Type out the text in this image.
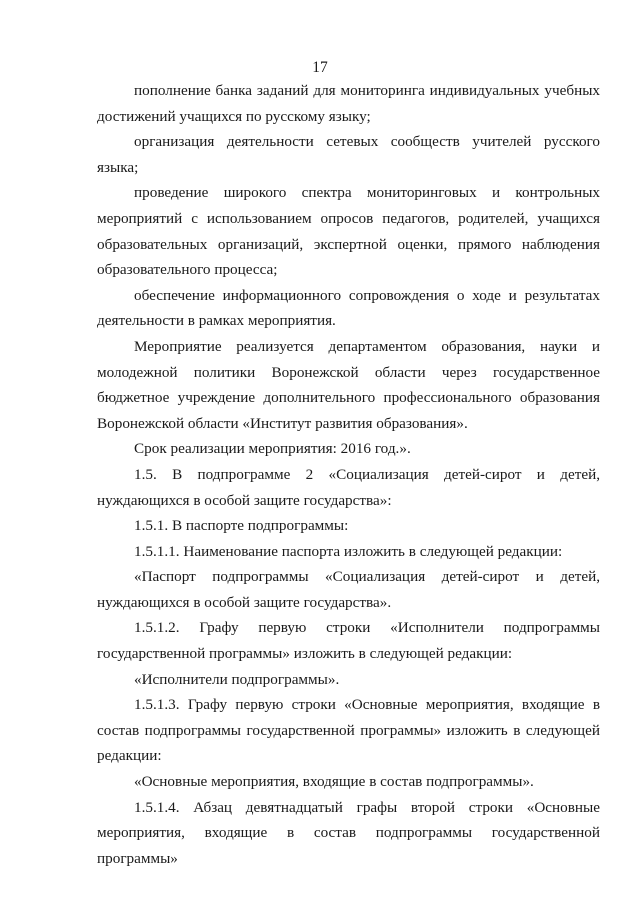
17

пополнение банка заданий для мониторинга индивидуальных учебных достижений учащихся по русскому языку;

организация деятельности сетевых сообществ учителей русского языка;

проведение широкого спектра мониторинговых и контрольных мероприятий с использованием опросов педагогов, родителей, учащихся образовательных организаций, экспертной оценки, прямого наблюдения образовательного процесса;

обеспечение информационного сопровождения о ходе и результатах деятельности в рамках мероприятия.

Мероприятие реализуется департаментом образования, науки и молодежной политики Воронежской области через государственное бюджетное учреждение дополнительного профессионального образования Воронежской области «Институт развития образования».

Срок реализации мероприятия: 2016 год.».

1.5. В подпрограмме 2 «Социализация детей-сирот и детей, нуждающихся в особой защите государства»:

1.5.1. В паспорте подпрограммы:

1.5.1.1. Наименование паспорта изложить в следующей редакции:

«Паспорт подпрограммы «Социализация детей-сирот и детей, нуждающихся в особой защите государства».

1.5.1.2. Графу первую строки «Исполнители подпрограммы государственной программы» изложить в следующей редакции:

«Исполнители подпрограммы».

1.5.1.3. Графу первую строки «Основные мероприятия, входящие в состав подпрограммы государственной программы» изложить в следующей редакции:

«Основные мероприятия, входящие в состав подпрограммы».

1.5.1.4. Абзац девятнадцатый графы второй строки «Основные мероприятия, входящие в состав подпрограммы государственной программы»
